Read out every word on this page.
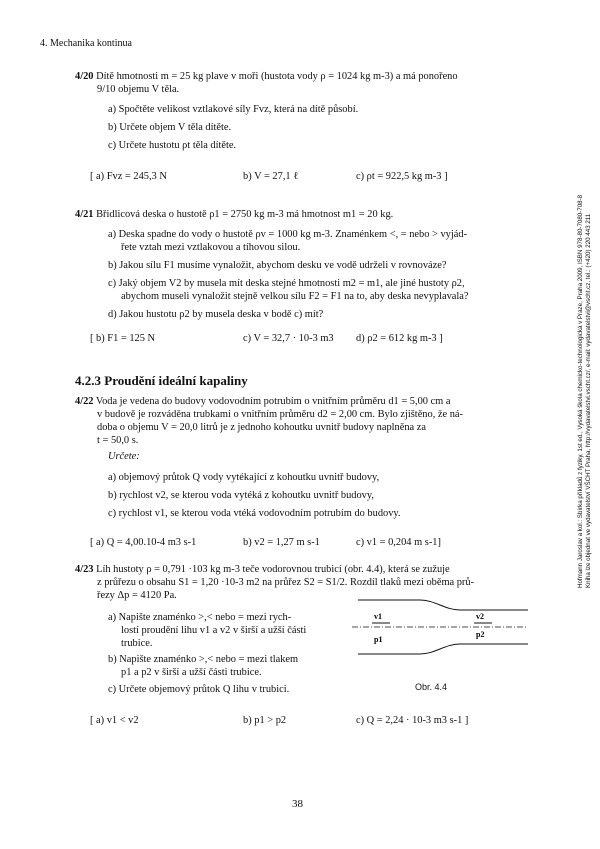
4. Mechanika kontinua
Hofmann Jaroslav a kol.: Sbírka příkladů z fyziky, 1st ed., Vysoká škola chemicko-technologická v Praze, Praha 2009, ISBN 978-80-7080-708-8 Kniha lze objednat ve vydavatelství VŠCHT Praha, http://vydavatelstvi.vscht.cz/, e-mail: vydavatelstvi@vscht.cz, tel.: (+420) 220 443 211
4/20 Dítě hmotnosti m = 25 kg plave v moři (hustota vody ρ = 1024 kg m-3) a má ponořeno
9/10 objemu V těla.
a) Spočtěte velikost vztlakové síly Fvz, která na dítě působí.
b) Určete objem V těla dítěte.
c) Určete hustotu ρt těla dítěte.
[ a) Fvz = 245,3 N	b) V = 27,1 ℓ	c) ρt = 922,5 kg m-3 ]
4/21 Břidlicová deska o hustotě ρ1 = 2750 kg m-3 má hmotnost m1 = 20 kg.
a) Deska spadne do vody o hustotě ρv = 1000 kg m-3. Znaménkem <, = nebo > vyjád-
řete vztah mezi vztlakovou a tíhovou silou.
b) Jakou sílu F1 musíme vynaložit, abychom desku ve vodě udrželi v rovnováze?
c) Jaký objem V2 by musela mít deska stejné hmotnosti m2 = m1, ale jiné hustoty ρ2,
abychom museli vynaložit stejně velkou sílu F2 = F1 na to, aby deska nevyplavala?
d) Jakou hustotu ρ2 by musela deska v bodě c) mít?
[ b) F1 = 125 N	c) V = 32,7 · 10-3 m3 d) ρ2 = 612 kg m-3 ]
4.2.3 Proudění ideální kapaliny
4/22 Voda je vedena do budovy vodovodním potrubím o vnitřním průměru d1 = 5,00 cm a
v budově je rozváděna trubkami o vnitřním průměru d2 = 2,00 cm. Bylo zjištěno, že ná-
doba o objemu V = 20,0 litrů je z jednoho kohoutku uvnitř budovy naplněna za
t = 50,0 s.
Určete:
a) objemový průtok Q vody vytékající z kohoutku uvnitř budovy,
b) rychlost v2, se kterou voda vytéká z kohoutku uvnitř budovy,
c) rychlost v1, se kterou voda vtéká vodovodním potrubím do budovy.
[ a) Q = 4,00.10-4 m3 s-1	b) v2 = 1,27 m s-1	c) v1 = 0,204 m s-1]
4/23 Líh hustoty ρ = 0,791 ·103 kg m-3 teče vodorovnou trubicí (obr. 4.4), která se zužuje
z průřezu o obsahu S1 = 1,20 ·10-3 m2 na průřez S2 = S1/2. Rozdíl tlaků mezi oběma prů-
řezy Δp = 4120 Pa.
a) Napište znaménko >,< nebo = mezi rych-
lostí proudění lihu v1 a v2 v širší a užší části
trubice.
b) Napište znaménko >,< nebo = mezi tlakem
p1 a p2 v širší a užší části trubice.
c) Určete objemový průtok Q lihu v trubici.
[ a) v1 < v2	b) p1 > p2	c) Q = 2,24 · 10-3 m3 s-1 ]
v1	v2
p1
p2
Obr. 4.4
38
